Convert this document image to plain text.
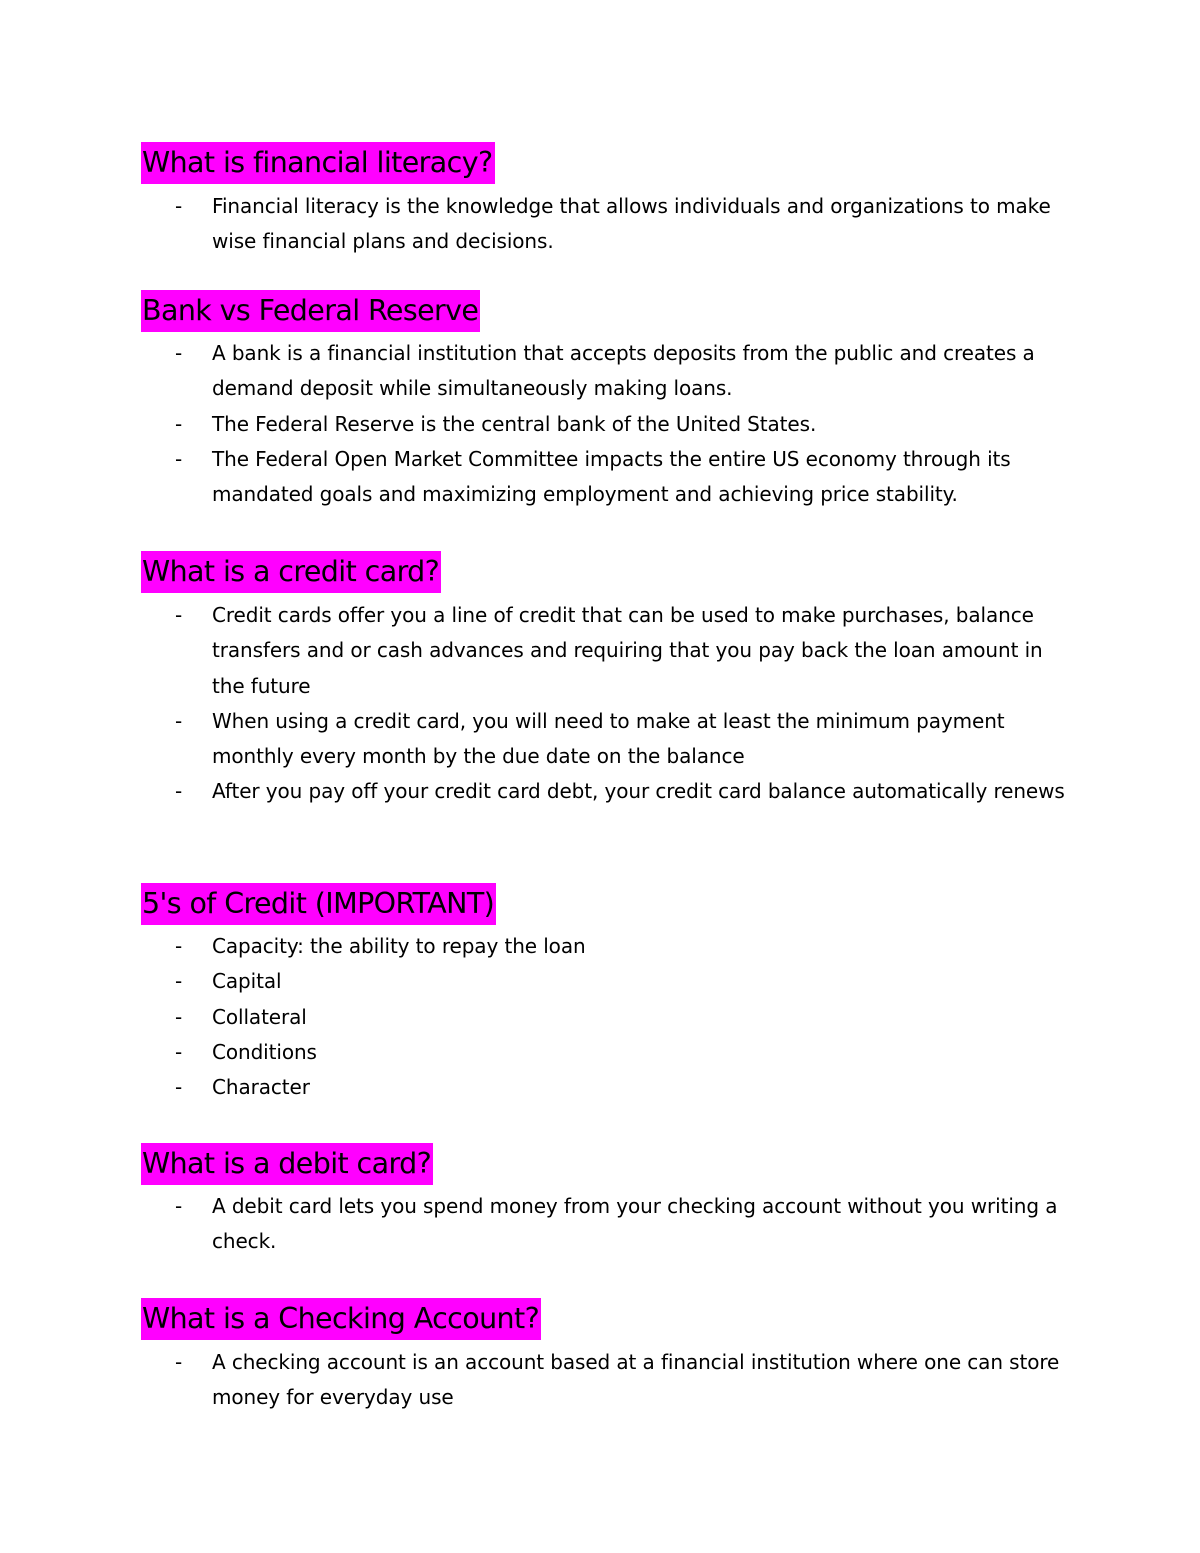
What is financial literacy?
- Financial literacy is the knowledge that allows individuals and organizations to make wise financial plans and decisions.
Bank vs Federal Reserve
- A bank is a financial institution that accepts deposits from the public and creates a demand deposit while simultaneously making loans.
- The Federal Reserve is the central bank of the United States.
- The Federal Open Market Committee impacts the entire US economy through its mandated goals and maximizing employment and achieving price stability.
What is a credit card?
- Credit cards offer you a line of credit that can be used to make purchases, balance transfers and or cash advances and requiring that you pay back the loan amount in the future
- When using a credit card, you will need to make at least the minimum payment monthly every month by the due date on the balance
- After you pay off your credit card debt, your credit card balance automatically renews
5's of Credit (IMPORTANT)
- Capacity: the ability to repay the loan
- Capital
- Collateral
- Conditions
- Character
What is a debit card?
- A debit card lets you spend money from your checking account without you writing a check.
What is a Checking Account?
- A checking account is an account based at a financial institution where one can store money for everyday use
